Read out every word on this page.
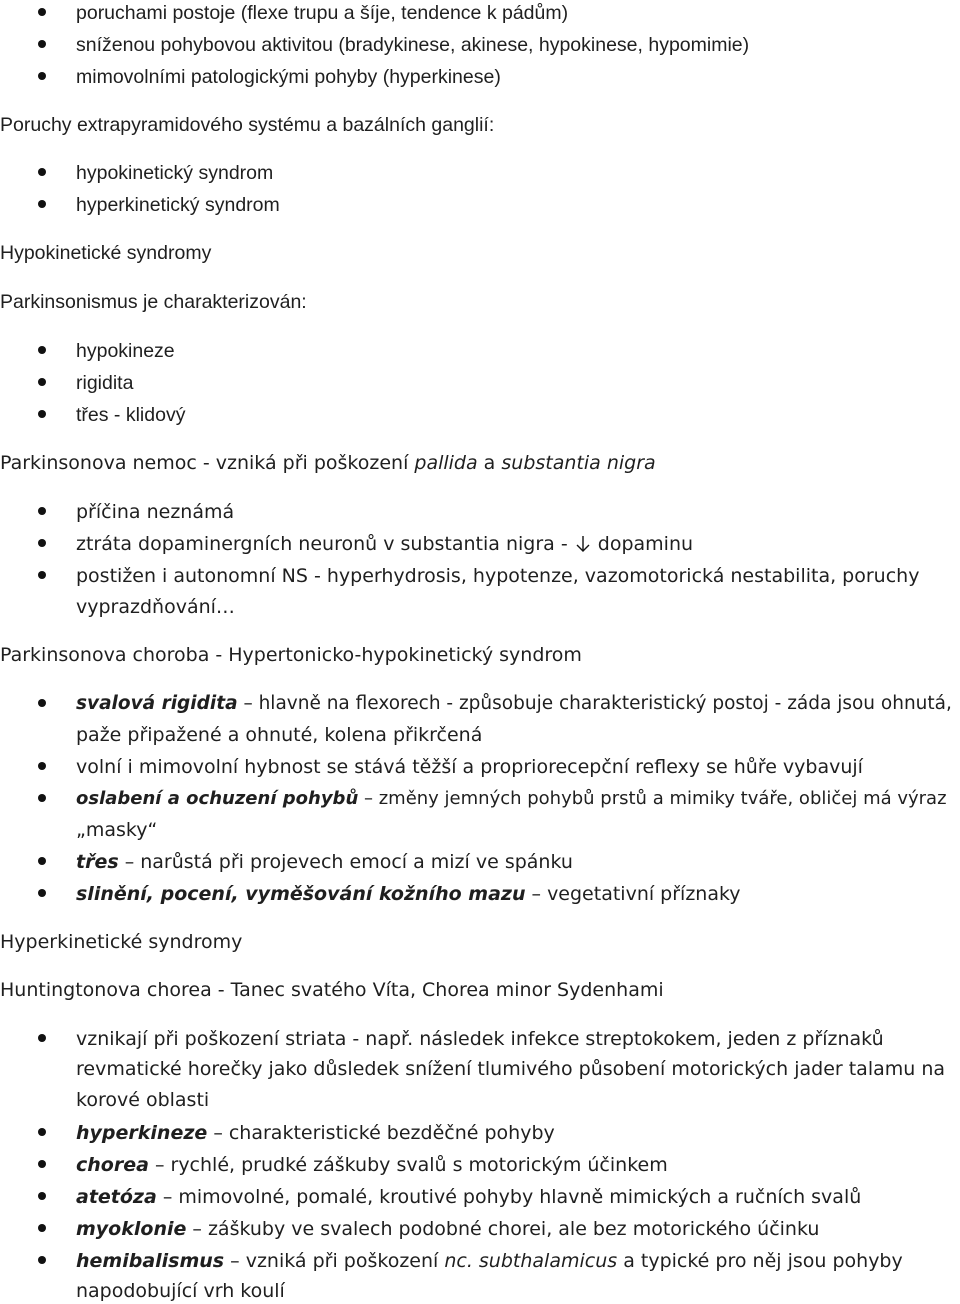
poruchami postoje (flexe trupu a šíje, tendence k pádům)
sníženou pohybovou aktivitou (bradykinese, akinese, hypokinese, hypomimie)
mimovolními patologickými pohyby (hyperkinese)
Poruchy extrapyramidového systému a bazálních ganglií:
hypokinetický syndrom
hyperkinetický syndrom
Hypokinetické syndromy
Parkinsonismus je charakterizován:
hypokineze
rigidita
třes - klidový
Parkinsonova nemoc - vzniká při poškození pallida a substantia nigra
příčina neznámá
ztráta dopaminergních neuronů v substantia nigra -  dopaminu
postižen i autonomní NS - hyperhydrosis, hypotenze, vazomotorická nestabilita, poruchy
vyprazdňování…
Parkinsonova choroba - Hypertonicko-hypokinetický syndrom
svalová rigidita – hlavně na flexorech - způsobuje charakteristický postoj - záda jsou ohnutá,
paže připažené a ohnuté, kolena přikrčená
volní i mimovolní hybnost se stává těžší a propriorecepční reflexy se hůře vybavují
oslabení a ochuzení pohybů – změny jemných pohybů prstů a mimiky tváře, obličej má výraz
„masky“
třes – narůstá při projevech emocí a mizí ve spánku
slinění, pocení, vyměšování kožního mazu – vegetativní příznaky
Hyperkinetické syndromy
Huntingtonova chorea - Tanec svatého Víta, Chorea minor Sydenhami
vznikají při poškození striata - např. následek infekce streptokokem, jeden z příznaků
revmatické horečky jako důsledek snížení tlumivého působení motorických jader talamu na
korové oblasti
hyperkineze – charakteristické bezděčné pohyby
chorea – rychlé, prudké záškuby svalů s motorickým účinkem
atetóza – mimovolné, pomalé, kroutivé pohyby hlavně mimických a ručních svalů
myoklonie – záškuby ve svalech podobné chorei, ale bez motorického účinku
hemibalismus – vzniká při poškození nc. subthalamicus a typické pro něj jsou pohyby
napodobující vrh koulí
